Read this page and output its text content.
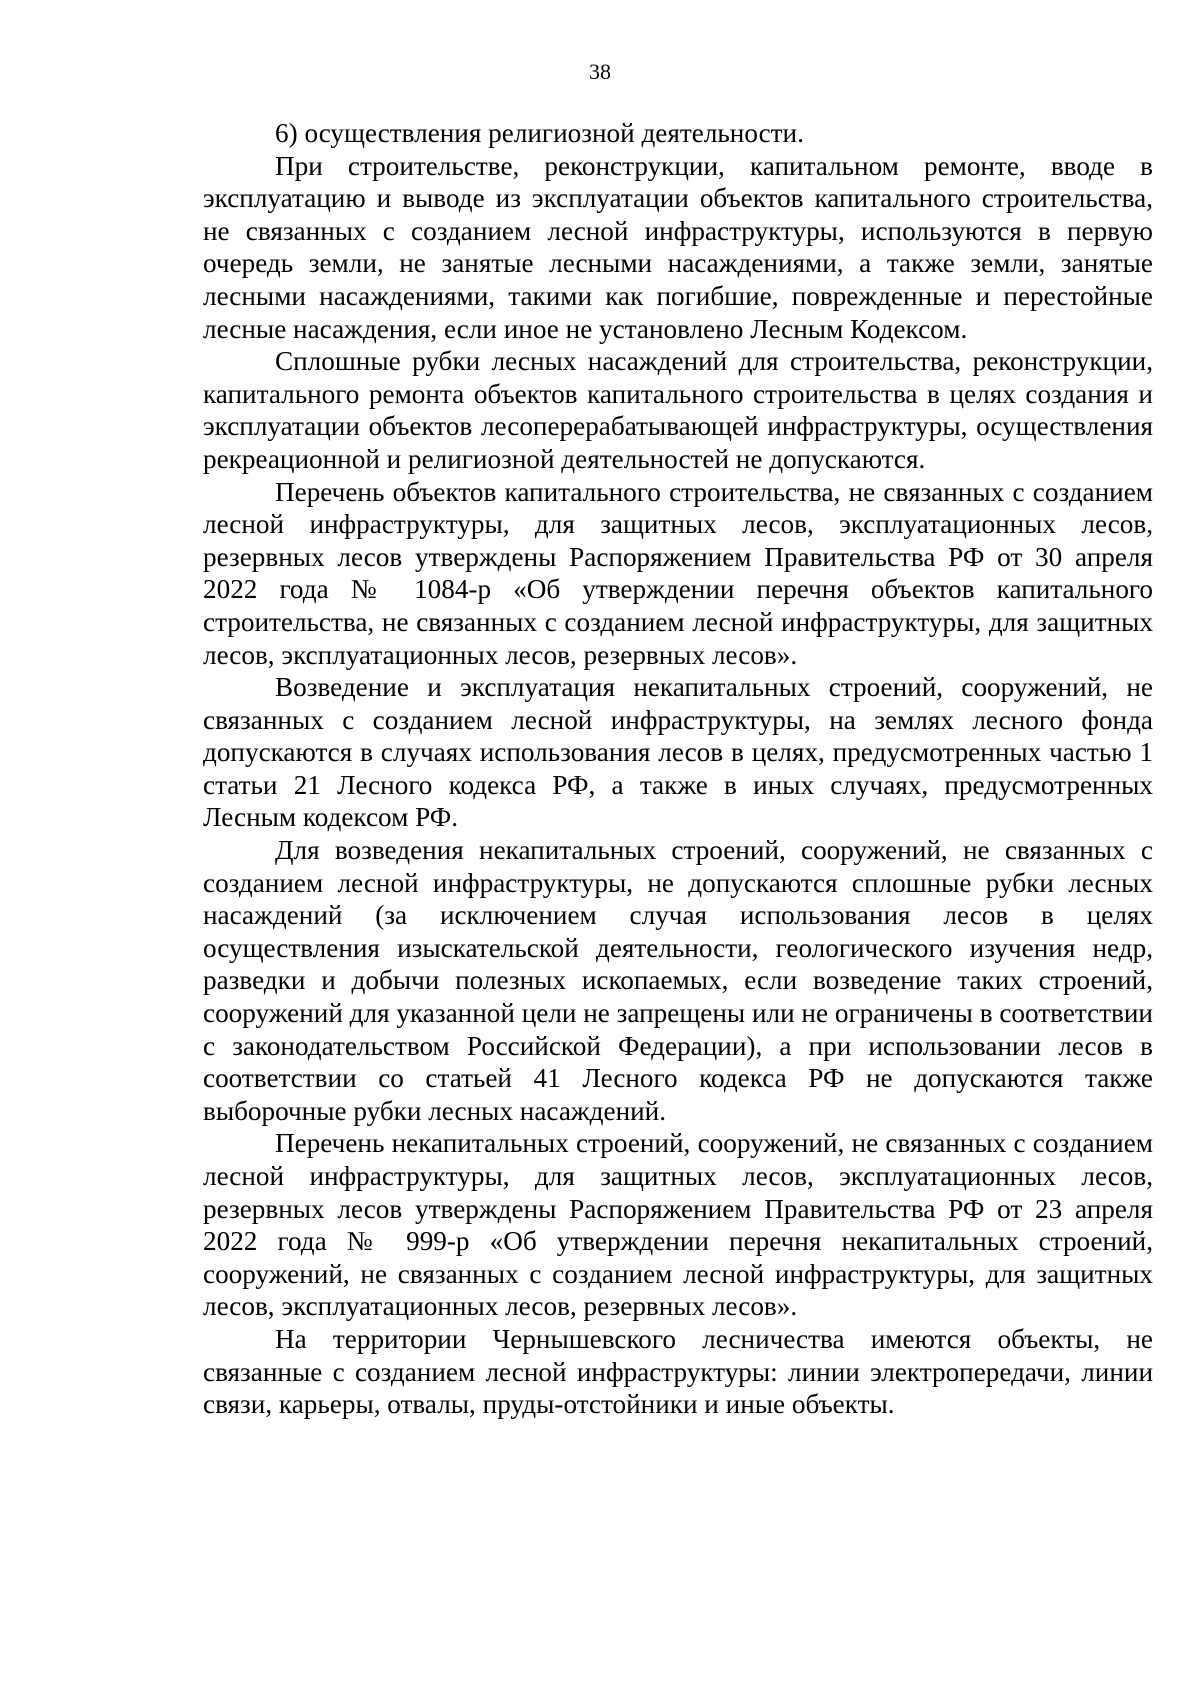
38

6) осуществления религиозной деятельности.

При строительстве, реконструкции, капитальном ремонте, вводе в эксплуатацию и выводе из эксплуатации объектов капитального строительства, не связанных с созданием лесной инфраструктуры, используются в первую очередь земли, не занятые лесными насаждениями, а также земли, занятые лесными насаждениями, такими как погибшие, поврежденные и перестойные лесные насаждения, если иное не установлено Лесным Кодексом.

Сплошные рубки лесных насаждений для строительства, реконструкции, капитального ремонта объектов капитального строительства в целях создания и эксплуатации объектов лесоперерабатывающей инфраструктуры, осуществления рекреационной и религиозной деятельностей не допускаются.

Перечень объектов капитального строительства, не связанных с созданием лесной инфраструктуры, для защитных лесов, эксплуатационных лесов, резервных лесов утверждены Распоряжением Правительства РФ от 30 апреля 2022 года № 1084-р «Об утверждении перечня объектов капитального строительства, не связанных с созданием лесной инфраструктуры, для защитных лесов, эксплуатационных лесов, резервных лесов».

Возведение и эксплуатация некапитальных строений, сооружений, не связанных с созданием лесной инфраструктуры, на землях лесного фонда допускаются в случаях использования лесов в целях, предусмотренных частью 1 статьи 21 Лесного кодекса РФ, а также в иных случаях, предусмотренных Лесным кодексом РФ.

Для возведения некапитальных строений, сооружений, не связанных с созданием лесной инфраструктуры, не допускаются сплошные рубки лесных насаждений (за исключением случая использования лесов в целях осуществления изыскательской деятельности, геологического изучения недр, разведки и добычи полезных ископаемых, если возведение таких строений, сооружений для указанной цели не запрещены или не ограничены в соответствии с законодательством Российской Федерации), а при использовании лесов в соответствии со статьей 41 Лесного кодекса РФ не допускаются также выборочные рубки лесных насаждений.

Перечень некапитальных строений, сооружений, не связанных с созданием лесной инфраструктуры, для защитных лесов, эксплуатационных лесов, резервных лесов утверждены Распоряжением Правительства РФ от 23 апреля 2022 года № 999-р «Об утверждении перечня некапитальных строений, сооружений, не связанных с созданием лесной инфраструктуры, для защитных лесов, эксплуатационных лесов, резервных лесов».

На территории Чернышевского лесничества имеются объекты, не связанные с созданием лесной инфраструктуры: линии электропередачи, линии связи, карьеры, отвалы, пруды-отстойники и иные объекты.
